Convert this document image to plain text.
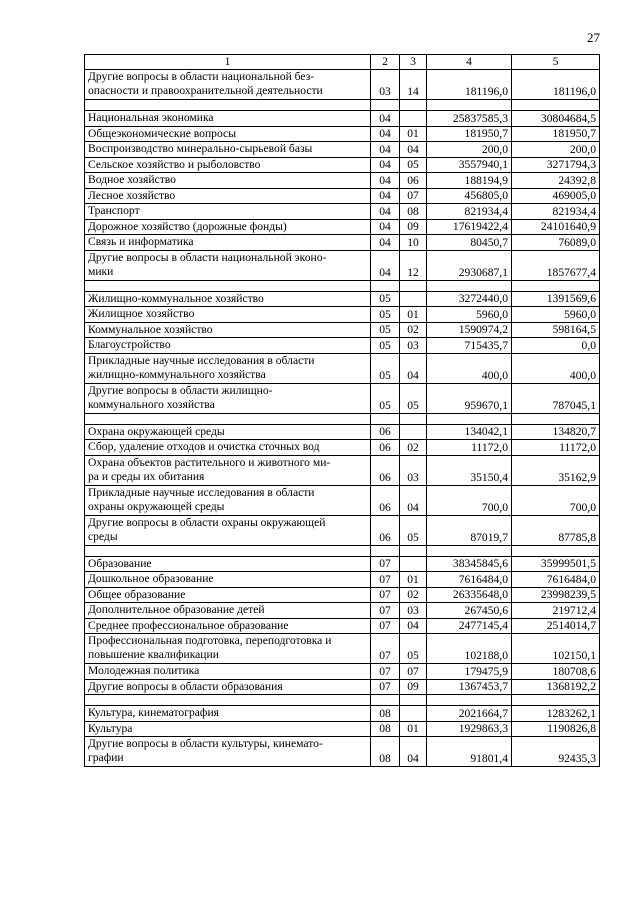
27
1	2	3	4	5
Другие вопросы в области национальной без-
опасности и правоохранительной деятельности	03	14	181196,0	181196,0

Национальная экономика	04		25837585,3	30804684,5
Общеэкономические вопросы	04	01	181950,7	181950,7
Воспроизводство минерально-сырьевой базы	04	04	200,0	200,0
Сельское хозяйство и рыболовство	04	05	3557940,1	3271794,3
Водное хозяйство	04	06	188194,9	24392,8
Лесное хозяйство	04	07	456805,0	469005,0
Транспорт	04	08	821934,4	821934,4
Дорожное хозяйство (дорожные фонды)	04	09	17619422,4	24101640,9
Связь и информатика	04	10	80450,7	76089,0
Другие вопросы в области национальной эконо-
мики	04	12	2930687,1	1857677,4

Жилищно-коммунальное хозяйство	05		3272440,0	1391569,6
Жилищное хозяйство	05	01	5960,0	5960,0
Коммунальное хозяйство	05	02	1590974,2	598164,5
Благоустройство	05	03	715435,7	0,0
Прикладные научные исследования в области
жилищно-коммунального хозяйства	05	04	400,0	400,0
Другие вопросы в области жилищно-
коммунального хозяйства	05	05	959670,1	787045,1

Охрана окружающей среды	06		134042,1	134820,7
Сбор, удаление отходов и очистка сточных вод	06	02	11172,0	11172,0
Охрана объектов растительного и животного ми-
ра и среды их обитания	06	03	35150,4	35162,9
Прикладные научные исследования в области
охраны окружающей среды	06	04	700,0	700,0
Другие вопросы в области охраны окружающей
среды	06	05	87019,7	87785,8

Образование	07		38345845,6	35999501,5
Дошкольное образование	07	01	7616484,0	7616484,0
Общее образование	07	02	26335648,0	23998239,5
Дополнительное образование детей	07	03	267450,6	219712,4
Среднее профессиональное образование	07	04	2477145,4	2514014,7
Профессиональная подготовка, переподготовка и
повышение квалификации	07	05	102188,0	102150,1
Молодежная политика	07	07	179475,9	180708,6
Другие вопросы в области образования	07	09	1367453,7	1368192,2

Культура, кинематография	08		2021664,7	1283262,1
Культура	08	01	1929863,3	1190826,8
Другие вопросы в области культуры, кинемато-
графии	08	04	91801,4	92435,3
